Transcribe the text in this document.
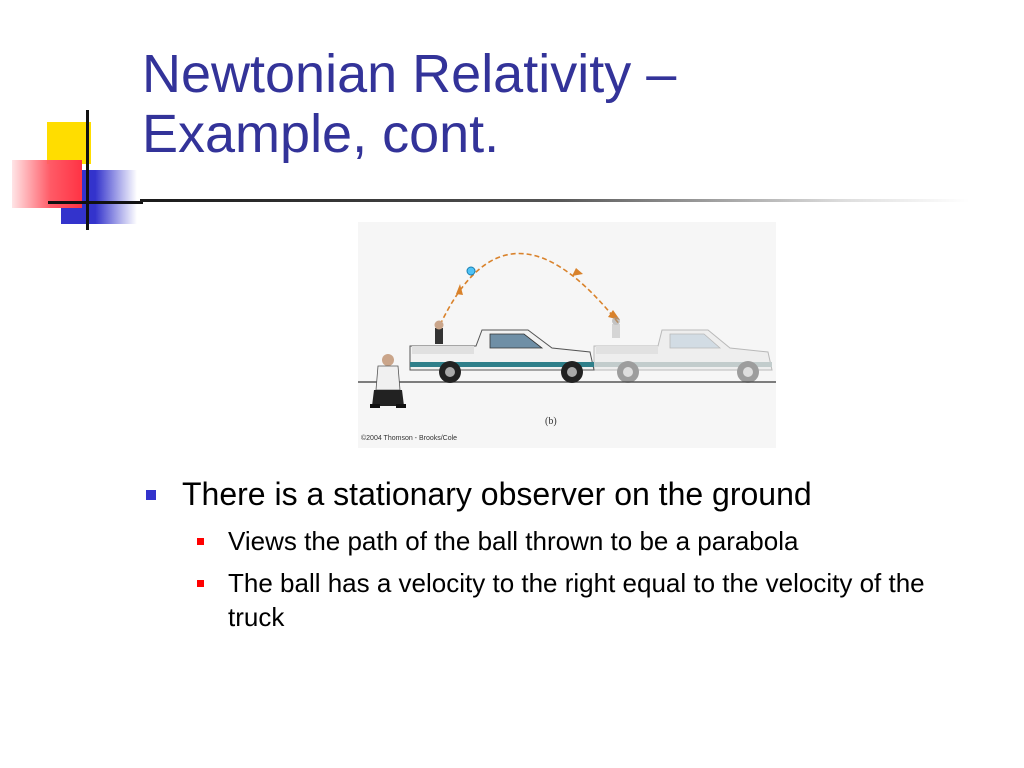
Newtonian Relativity –
Example, cont.
(b)
©2004 Thomson - Brooks/Cole
There is a stationary observer on the ground
Views the path of the ball thrown to be a parabola
The ball has a velocity to the right equal to the velocity of the truck
